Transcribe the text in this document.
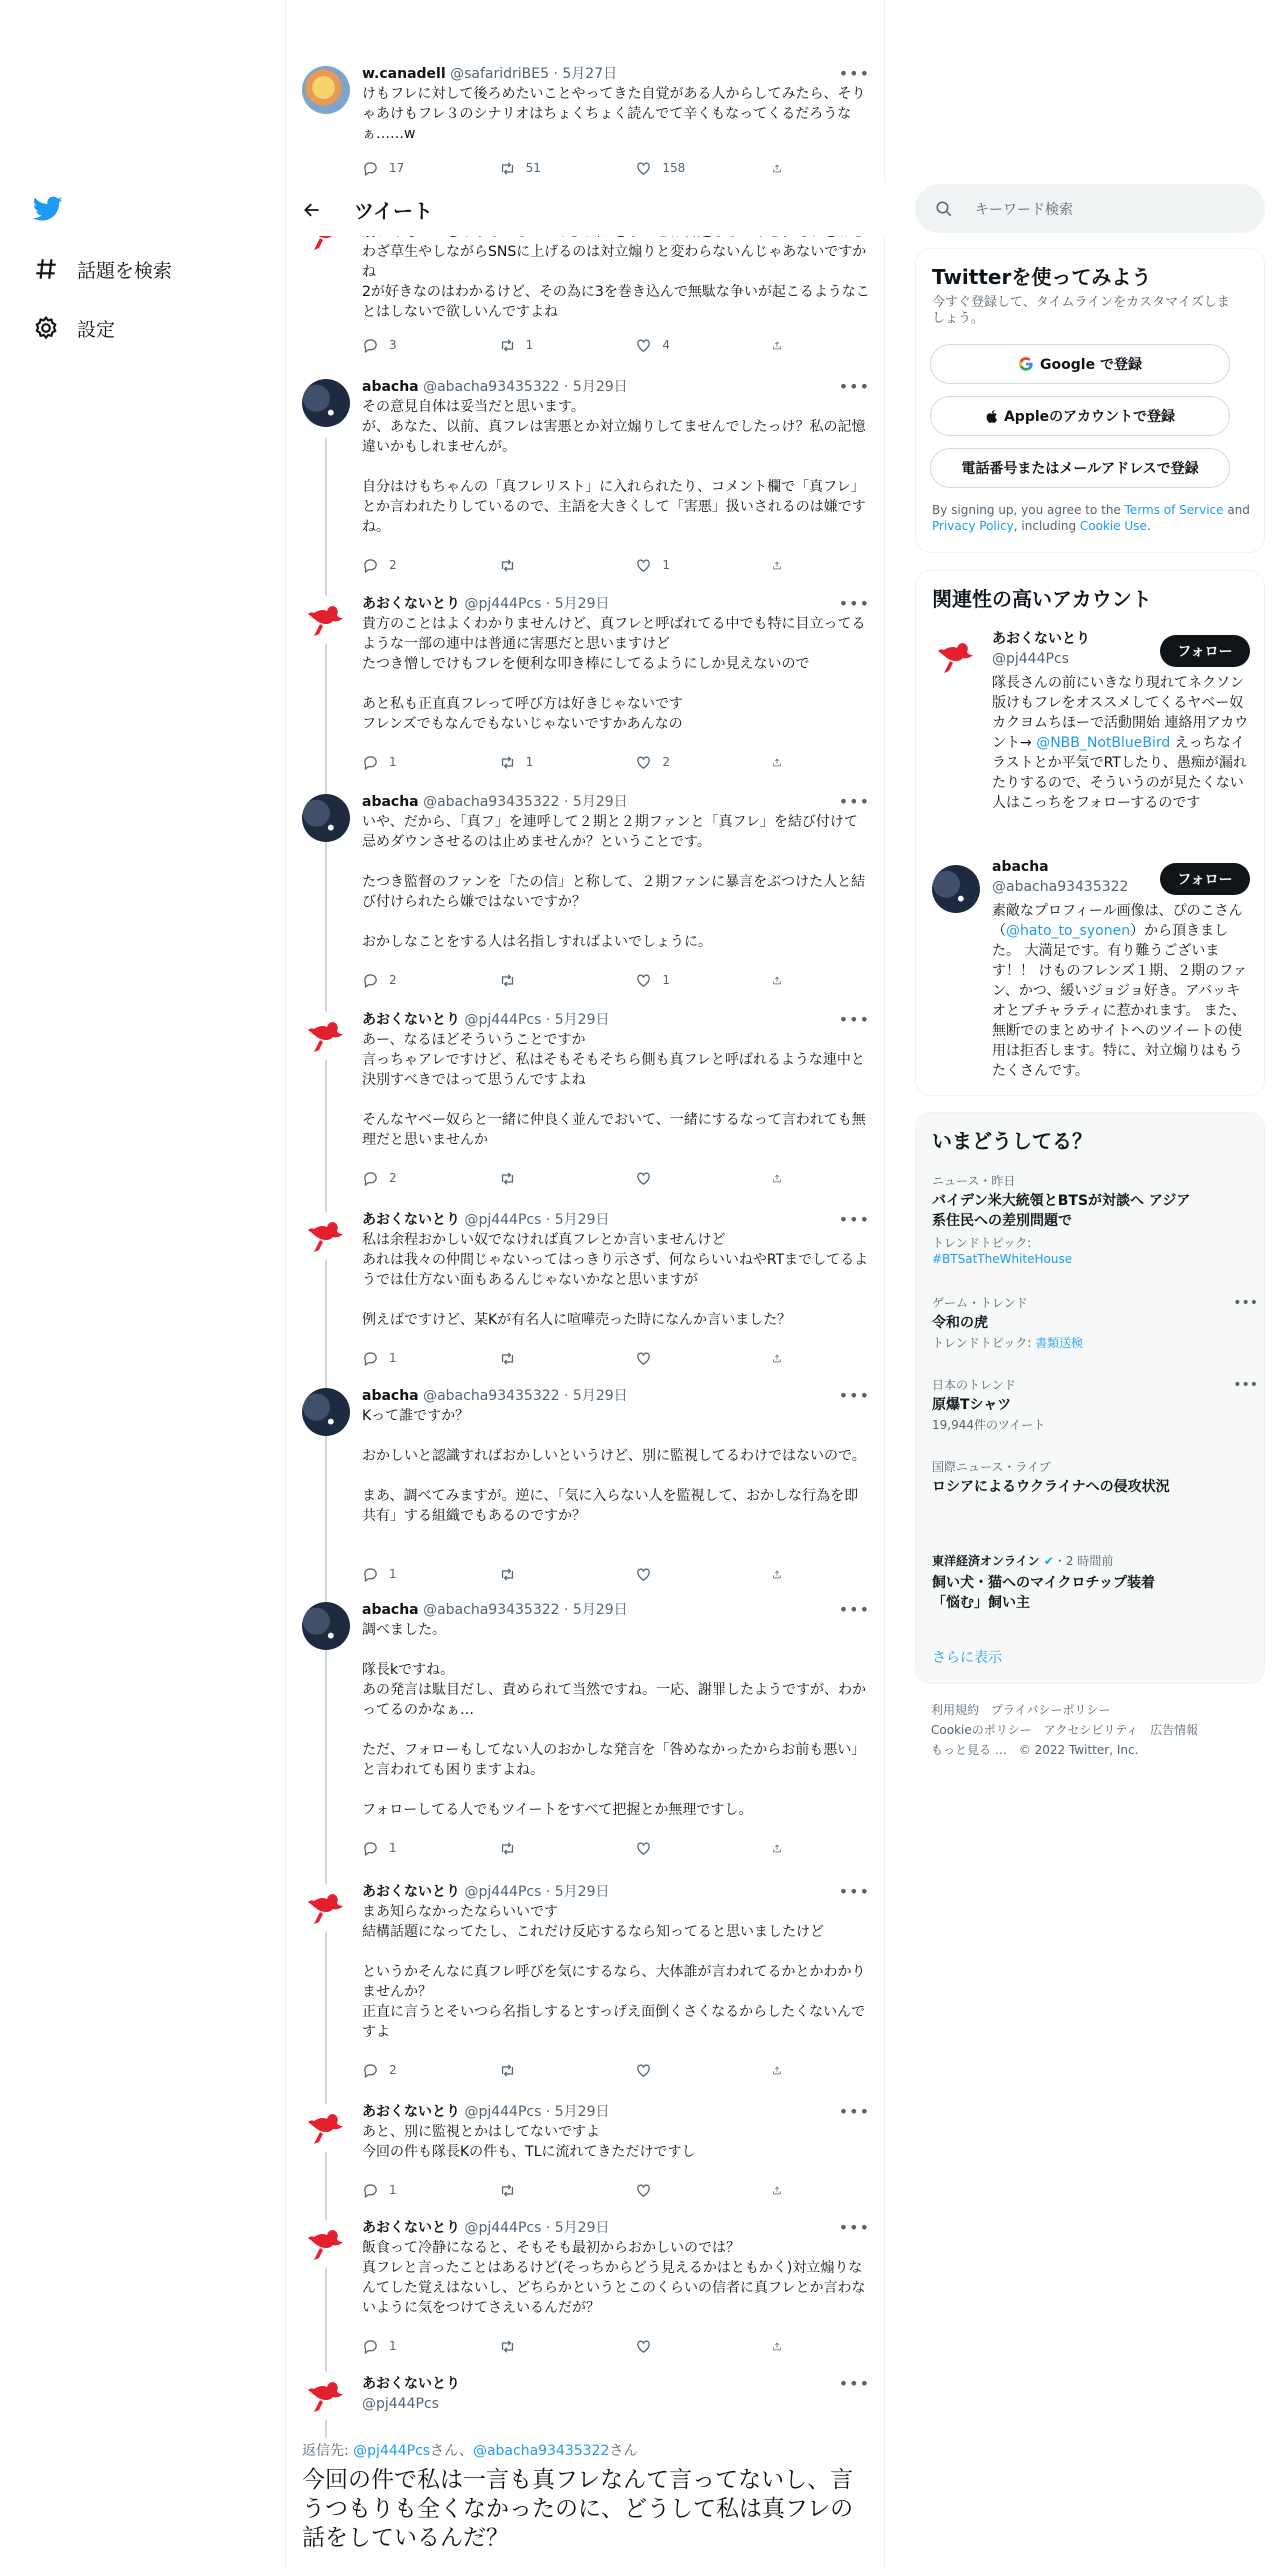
話題を検索
設定
w.canadell @safaridriBE5 · 5月27日
けもフレに対して後ろめたいことやってきた自覚がある人からしてみたら、そりゃあけもフレ３のシナリオはちょくちょく読んでて辛くもなってくるだろうなぁ……w
•••
17	51	158
わざ草生やしながらSNSに上げるのは対立煽りと変わらないんじゃあないですかね
2が好きなのはわかるけど、その為に3を巻き込んで無駄な争いが起こるようなことはしないで欲しいんですよね
3	1	4
ツイート
abacha @abacha93435322 · 5月29日
その意見自体は妥当だと思います。
が、あなた、以前、真フレは害悪とか対立煽りしてませんでしたっけ？私の記憶違いかもしれませんが。

自分はけもちゃんの「真フレリスト」に入れられたり、コメント欄で「真フレ」とか言われたりしているので、主語を大きくして「害悪」扱いされるのは嫌ですね。
•••
2	1
あおくないとり @pj444Pcs · 5月29日
貴方のことはよくわかりませんけど、真フレと呼ばれてる中でも特に目立ってるような一部の連中は普通に害悪だと思いますけど
たつき憎しでけもフレを便利な叩き棒にしてるようにしか見えないので

あと私も正直真フレって呼び方は好きじゃないです
フレンズでもなんでもないじゃないですかあんなの
•••
1	1	2
abacha @abacha93435322 · 5月29日
いや、だから、「真フ」を連呼して２期と２期ファンと「真フレ」を結び付けて忌めダウンさせるのは止めませんか？ということです。

たつき監督のファンを「たの信」と称して、２期ファンに暴言をぶつけた人と結び付けられたら嫌ではないですか？

おかしなことをする人は名指しすればよいでしょうに。
•••
2	1
あおくないとり @pj444Pcs · 5月29日
あー、なるほどそういうことですか
言っちゃアレですけど、私はそもそもそちら側も真フレと呼ばれるような連中と決別すべきではって思うんですよね

そんなヤベー奴らと一緒に仲良く並んでおいて、一緒にするなって言われても無理だと思いませんか
•••
2
あおくないとり @pj444Pcs · 5月29日
私は余程おかしい奴でなければ真フレとか言いませんけど
あれは我々の仲間じゃないってはっきり示さず、何ならいいねやRTまでしてるようでは仕方ない面もあるんじゃないかなと思いますが

例えばですけど、某Kが有名人に喧嘩売った時になんか言いました？
•••
1
abacha @abacha93435322 · 5月29日
Kって誰ですか？

おかしいと認識すればおかしいというけど、別に監視してるわけではないので。

まあ、調べてみますが。逆に、「気に入らない人を監視して、おかしな行為を即共有」する組織でもあるのですか？
•••
1
abacha @abacha93435322 · 5月29日
調べました。

隊長kですね。
あの発言は駄目だし、責められて当然ですね。一応、謝罪したようですが、わかってるのかなぁ…

ただ、フォローもしてない人のおかしな発言を「咎めなかったからお前も悪い」と言われても困りますよね。

フォローしてる人でもツイートをすべて把握とか無理ですし。
•••
1
あおくないとり @pj444Pcs · 5月29日
まあ知らなかったならいいです
結構話題になってたし、これだけ反応するなら知ってると思いましたけど

というかそんなに真フレ呼びを気にするなら、大体誰が言われてるかとかわかりませんか？
正直に言うとそいつら名指しするとすっげえ面倒くさくなるからしたくないんですよ
•••
2
あおくないとり @pj444Pcs · 5月29日
あと、別に監視とかはしてないですよ
今回の件も隊長Kの件も、TLに流れてきただけですし
•••
1
あおくないとり @pj444Pcs · 5月29日
飯食って冷静になると、そもそも最初からおかしいのでは？
真フレと言ったことはあるけど(そっちからどう見えるかはともかく)対立煽りなんてした覚えはないし、どちらかというとこのくらいの信者に真フレとか言わないように気をつけてさえいるんだが？
•••
1
あおくないとり
@pj444Pcs
•••
返信先: @pj444Pcsさん、@abacha93435322さん
今回の件で私は一言も真フレなんて言ってないし、言うつもりも全くなかったのに、どうして私は真フレの話をしているんだ？
キーワード検索
Twitterを使ってみよう
今すぐ登録して、タイムラインをカスタマイズしましょう。
Google で登録
Appleのアカウントで登録
電話番号またはメールアドレスで登録
By signing up, you agree to the Terms of Service and Privacy Policy, including Cookie Use.
関連性の高いアカウント
あおくないとり
@pj444Pcs	フォロー
隊長さんの前にいきなり現れてネクソン版けもフレをオススメしてくるヤベー奴 カクヨムちほーで活動開始 連絡用アカウント→ @NBB_NotBlueBird えっちなイラストとか平気でRTしたり、愚痴が漏れたりするので、そういうのが見たくない人はこっちをフォローするのです
abacha
@abacha93435322	フォロー
素敵なプロフィール画像は、ぴのこさん（@hato_to_syonen）から頂きました。 大満足です。有り難うございます！！ けものフレンズ１期、２期のファン、かつ、緩いジョジョ好き。アバッキオとブチャラティに惹かれます。 また、無断でのまとめサイトへのツイートの使用は拒否します。特に、対立煽りはもうたくさんです。
いまどうしてる？
ニュース・昨日
バイデン米大統領とBTSが対談へ アジア系住民への差別問題で
トレンドトピック:
#BTSatTheWhiteHouse
ゲーム・トレンド
令和の虎
トレンドトピック: 書類送検
•••
日本のトレンド
原爆Tシャツ
19,944件のツイート
•••
国際ニュース・ライブ
ロシアによるウクライナへの侵攻状況
東洋経済オンライン ✔・2 時間前
飼い犬・猫へのマイクロチップ装着「悩む」飼い主
さらに表示
利用規約　プライバシーポリシー
Cookieのポリシー　アクセシビリティ　広告情報
もっと見る …　© 2022 Twitter, Inc.
